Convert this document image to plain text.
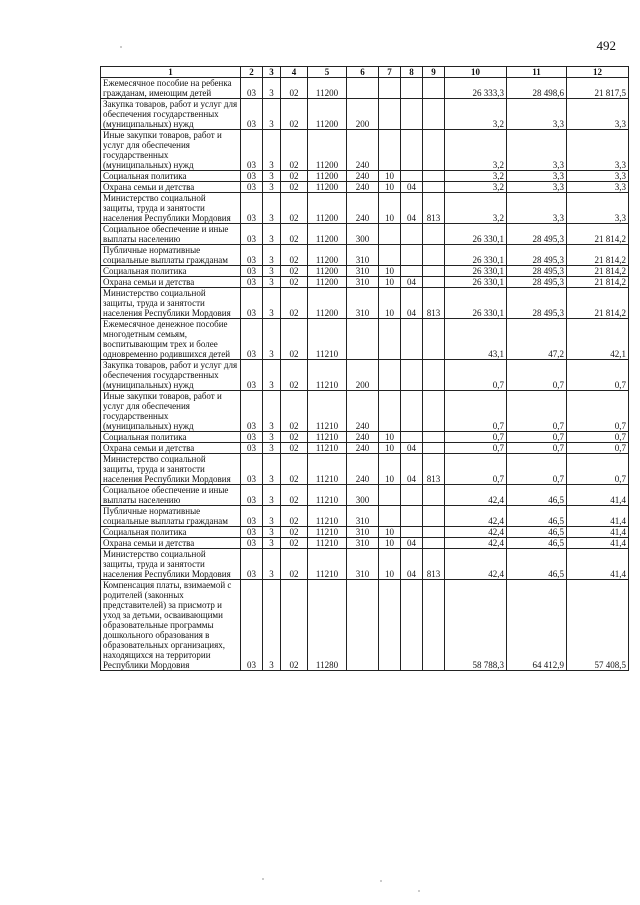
492
1	2	3	4	5	6	7	8	9	10	11	12
Ежемесячное пособие на ребенка гражданам, имеющим детей	03	3	02	11200					26 333,3	28 498,6	21 817,5
Закупка товаров, работ и услуг для обеспечения государственных (муниципальных) нужд	03	3	02	11200	200				3,2	3,3	3,3
Иные закупки товаров, работ и услуг для обеспечения государственных (муниципальных) нужд	03	3	02	11200	240				3,2	3,3	3,3
Социальная политика	03	3	02	11200	240	10			3,2	3,3	3,3
Охрана семьи и детства	03	3	02	11200	240	10	04		3,2	3,3	3,3
Министерство социальной защиты, труда и занятости населения Республики Мордовия	03	3	02	11200	240	10	04	813	3,2	3,3	3,3
Социальное обеспечение и иные выплаты населению	03	3	02	11200	300				26 330,1	28 495,3	21 814,2
Публичные нормативные социальные выплаты гражданам	03	3	02	11200	310				26 330,1	28 495,3	21 814,2
Социальная политика	03	3	02	11200	310	10			26 330,1	28 495,3	21 814,2
Охрана семьи и детства	03	3	02	11200	310	10	04		26 330,1	28 495,3	21 814,2
Министерство социальной защиты, труда и занятости населения Республики Мордовия	03	3	02	11200	310	10	04	813	26 330,1	28 495,3	21 814,2
Ежемесячное денежное пособие многодетным семьям, воспитывающим трех и более одновременно родившихся детей	03	3	02	11210					43,1	47,2	42,1
Закупка товаров, работ и услуг для обеспечения государственных (муниципальных) нужд	03	3	02	11210	200				0,7	0,7	0,7
Иные закупки товаров, работ и услуг для обеспечения государственных (муниципальных) нужд	03	3	02	11210	240				0,7	0,7	0,7
Социальная политика	03	3	02	11210	240	10			0,7	0,7	0,7
Охрана семьи и детства	03	3	02	11210	240	10	04		0,7	0,7	0,7
Министерство социальной защиты, труда и занятости населения Республики Мордовия	03	3	02	11210	240	10	04	813	0,7	0,7	0,7
Социальное обеспечение и иные выплаты населению	03	3	02	11210	300				42,4	46,5	41,4
Публичные нормативные социальные выплаты гражданам	03	3	02	11210	310				42,4	46,5	41,4
Социальная политика	03	3	02	11210	310	10			42,4	46,5	41,4
Охрана семьи и детства	03	3	02	11210	310	10	04		42,4	46,5	41,4
Министерство социальной защиты, труда и занятости населения Республики Мордовия	03	3	02	11210	310	10	04	813	42,4	46,5	41,4
Компенсация платы, взимаемой с родителей (законных представителей) за присмотр и уход за детьми, осваивающими образовательные программы дошкольного образования в образовательных организациях, находящихся на территории Республики Мордовия	03	3	02	11280					58 788,3	64 412,9	57 408,5
